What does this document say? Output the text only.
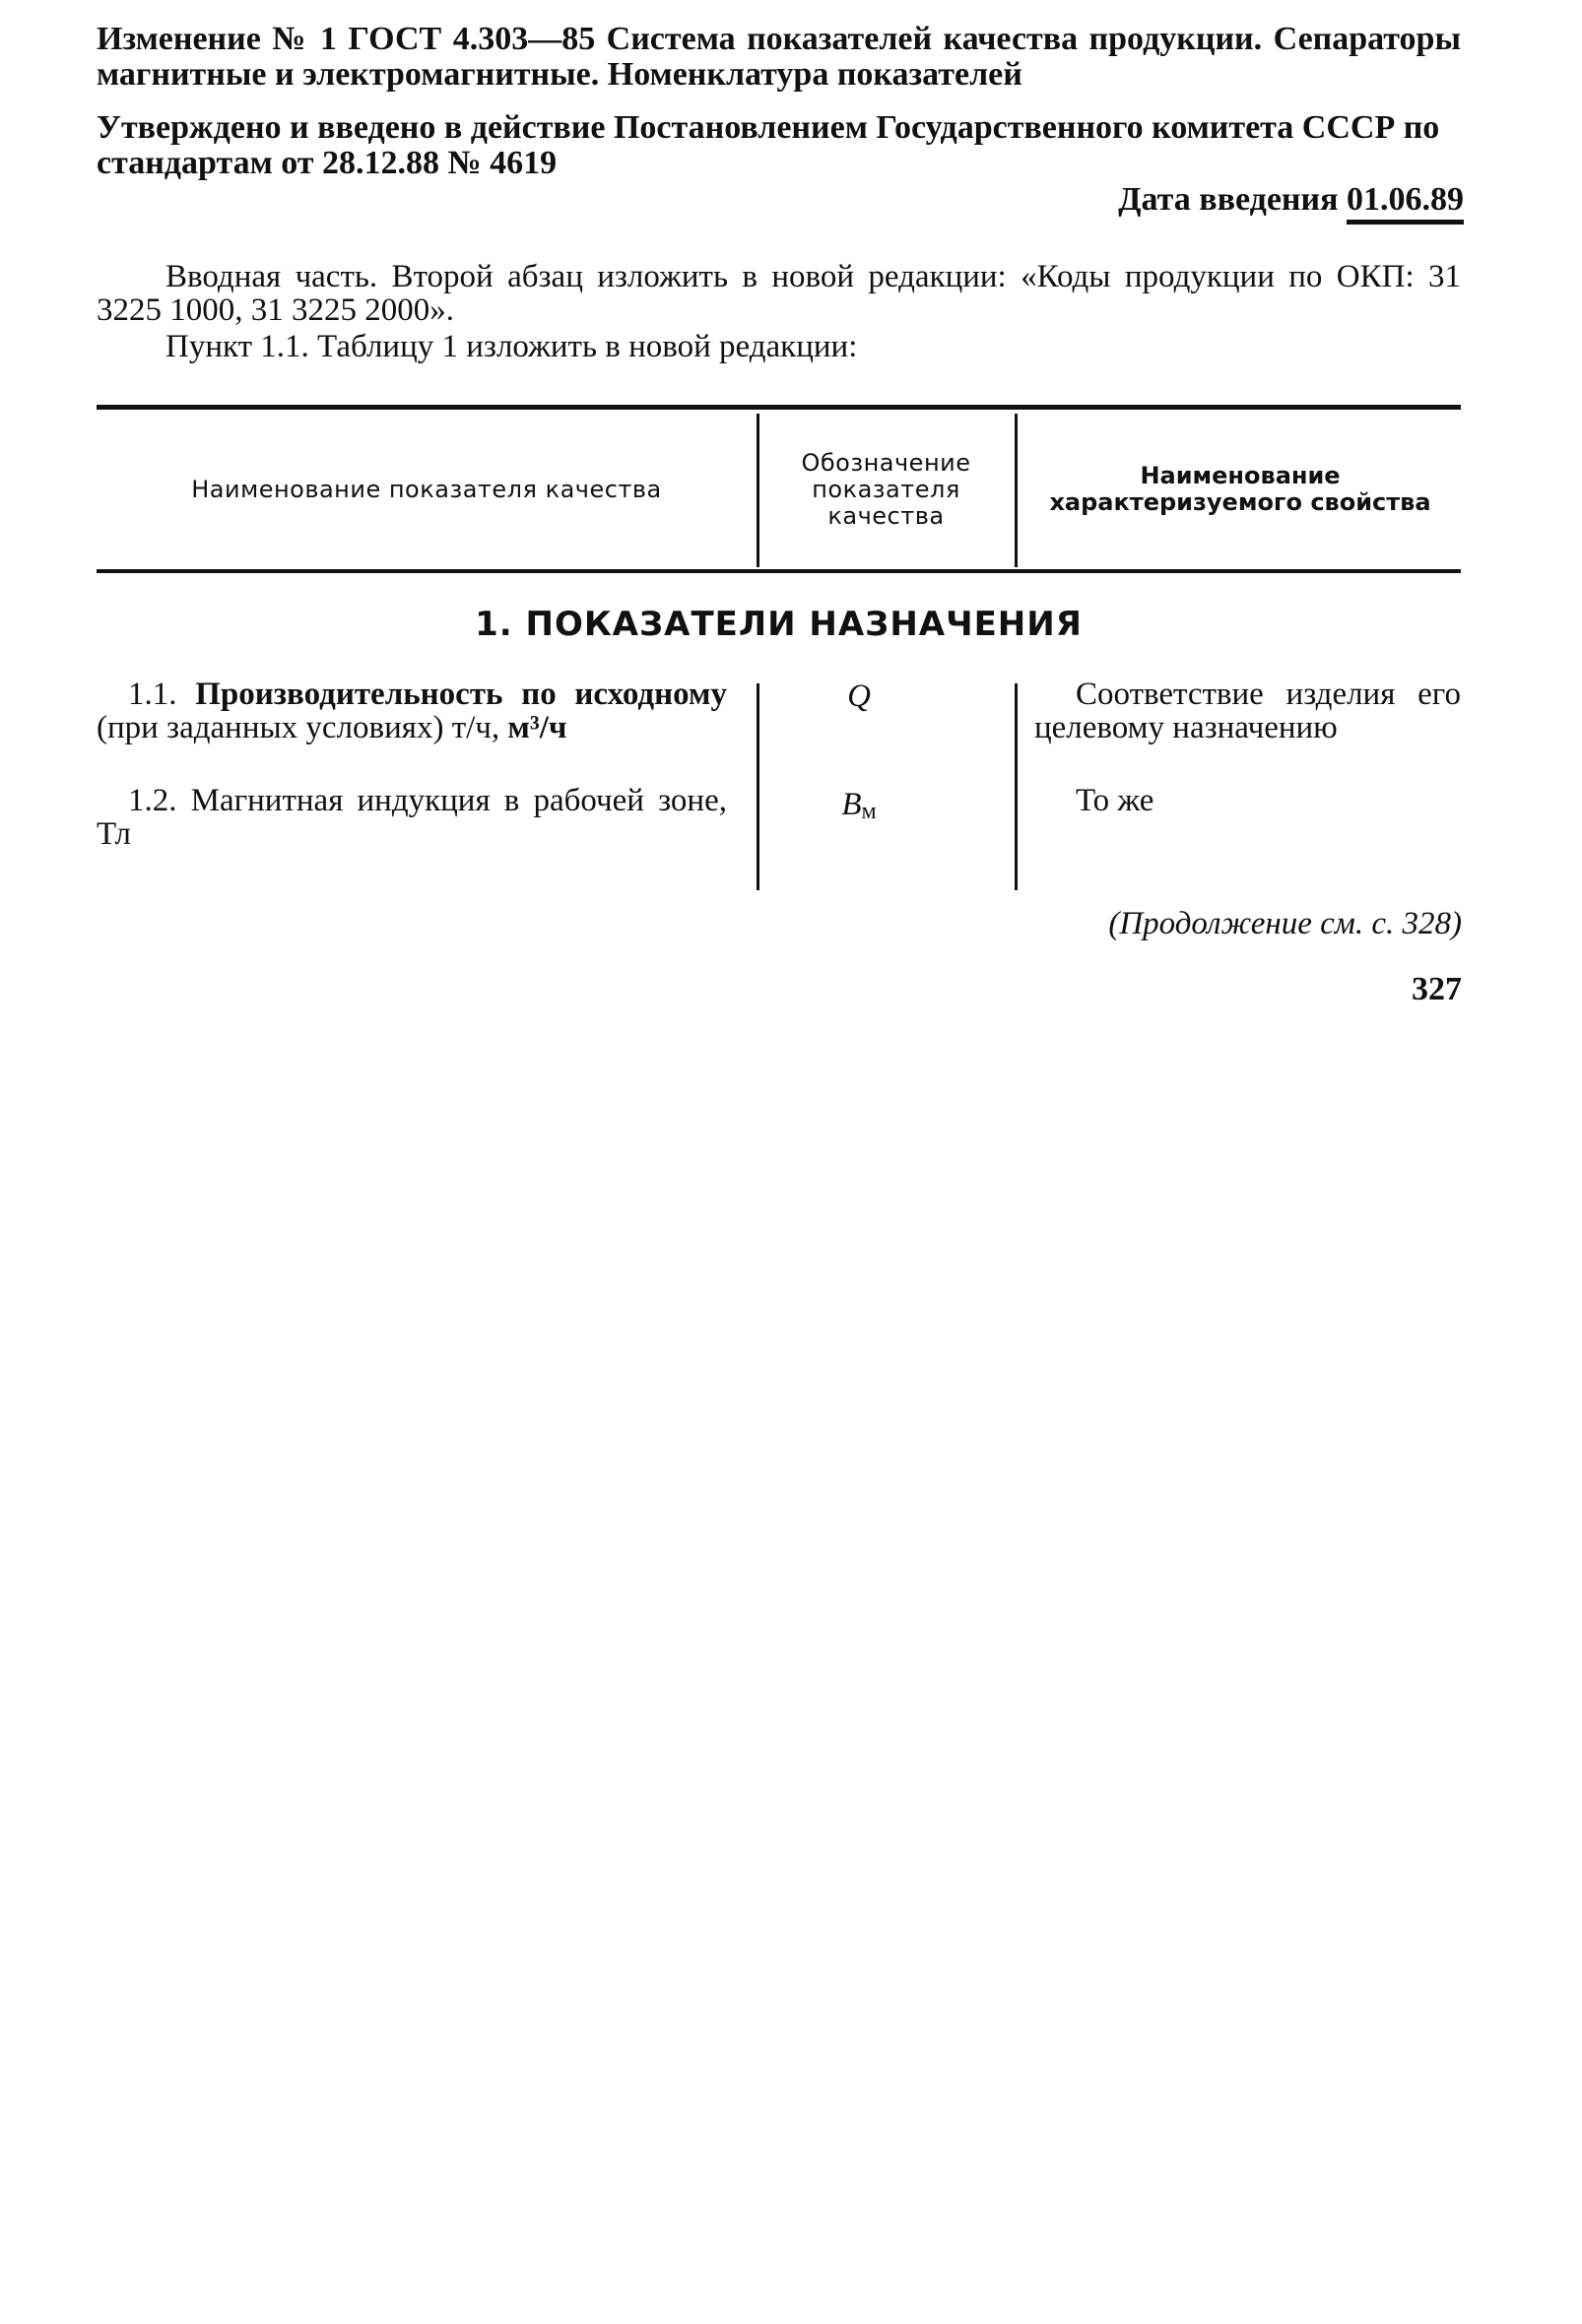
Изменение № 1 ГОСТ 4.303—85 Система показателей качества продукции. Сепараторы магнитные и электромагнитные. Номенклатура показателей
Утверждено и введено в действие Постановлением Государственного комитета СССР по стандартам от 28.12.88 № 4619
Дата введения 01.06.89
Вводная часть. Второй абзац изложить в новой редакции: «Коды продукции по ОКП: 31 3225 1000, 31 3225 2000».
Пункт 1.1. Таблицу 1 изложить в новой редакции:
Наименование показателя качества
Обозначение показателя качества
Наименование характеризуемого свойства
1. ПОКАЗАТЕЛИ НАЗНАЧЕНИЯ
1.1. Производительность по исходному (при заданных условиях) т/ч, м³/ч
Q	Соответствие изделия его целевому назначению
1.2. Магнитная индукция в рабочей зоне, Тл
$B_м$	То же
(Продолжение см. с. 328)
327
